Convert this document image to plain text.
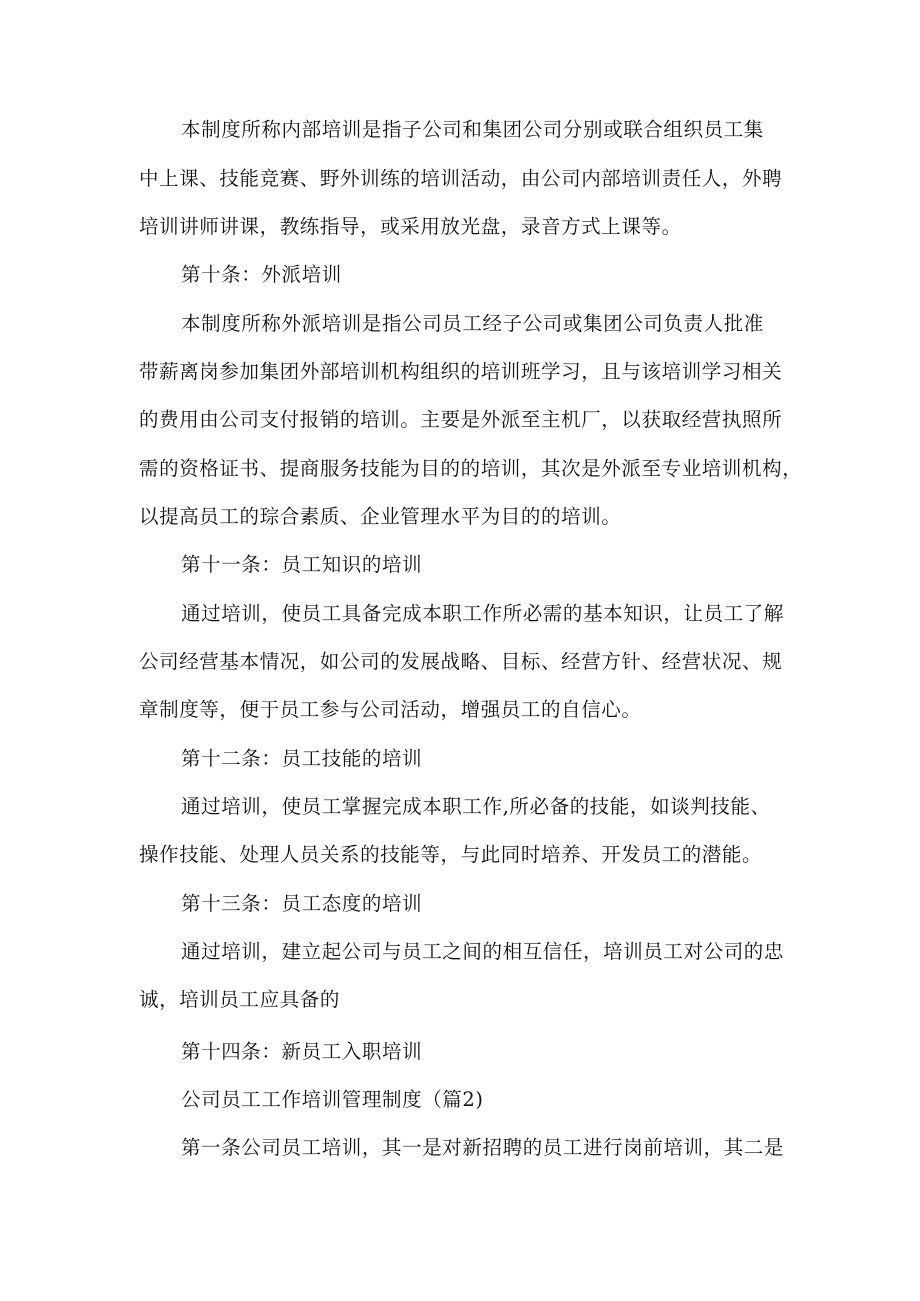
本制度所称内部培训是指子公司和集团公司分别或联合组织员工集
中上课、技能竞赛、野外训练的培训活动，由公司内部培训责任人，外聘
培训讲师讲课，教练指导，或采用放光盘，录音方式上课等。
第十条：外派培训
本制度所称外派培训是指公司员工经子公司或集团公司负责人批准
带薪离岗参加集团外部培训机构组织的培训班学习，且与该培训学习相关
的费用由公司支付报销的培训。主要是外派至主机厂，以获取经营执照所
需的资格证书、提商服务技能为目的的培训，其次是外派至专业培训机构，
以提高员工的琮合素质、企业管理水平为目的的培训。
第十一条：员工知识的培训
通过培训，使员工具备完成本职工作所必需的基本知识，让员工了解
公司经营基本情况，如公司的发展战略、目标、经营方针、经营状况、规
章制度等，便于员工参与公司活动，增强员工的自信心。
第十二条：员工技能的培训
通过培训，使员工掌握完成本职工作,所必备的技能，如谈判技能、
操作技能、处理人员关系的技能等，与此同时培养、开发员工的潜能。
第十三条：员工态度的培训
通过培训，建立起公司与员工之间的相互信任，培训员工对公司的忠
诚，培训员工应具备的
第十四条：新员工入职培训
公司员工工作培训管理制度（篇2)
第一条公司员工培训，其一是对新招聘的员工进行岗前培训，其二是
